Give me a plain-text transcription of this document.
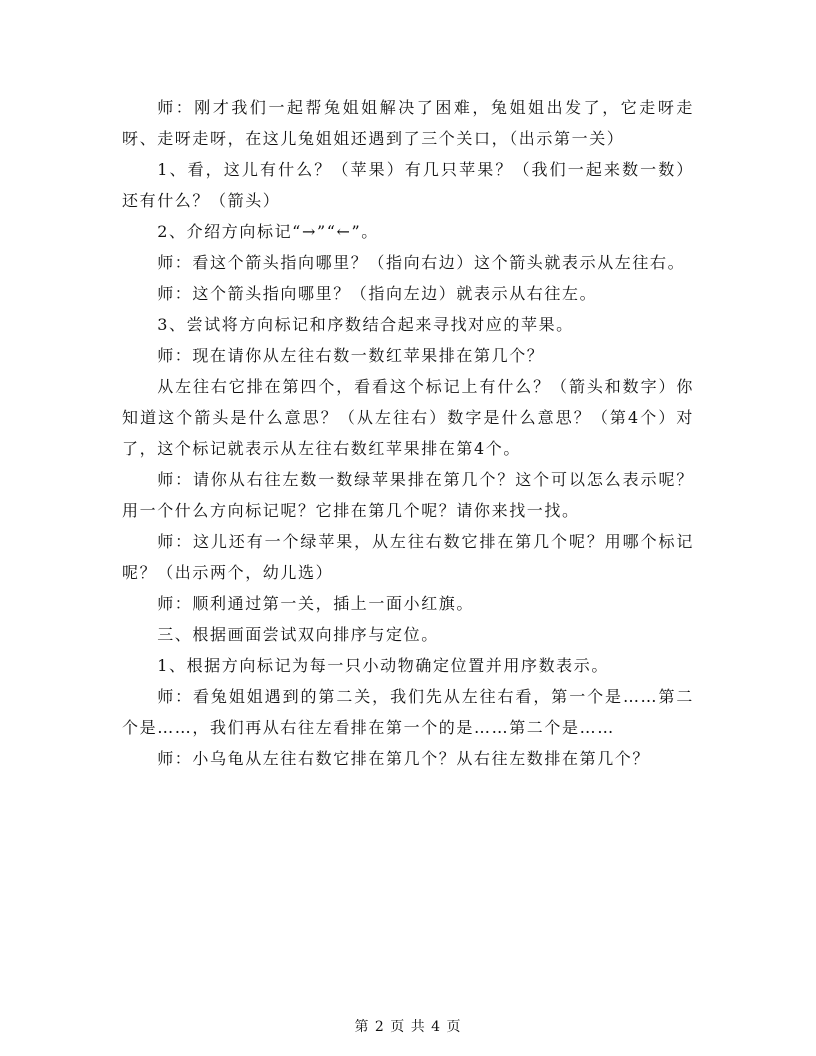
师：刚才我们一起帮兔姐姐解决了困难，兔姐姐出发了，它走呀走呀、走呀走呀，在这儿兔姐姐还遇到了三个关口，（出示第一关）

1、看，这儿有什么？（苹果）有几只苹果？（我们一起来数一数）还有什么？（箭头）

2、介绍方向标记“→”“←”。

师：看这个箭头指向哪里？（指向右边）这个箭头就表示从左往右。

师：这个箭头指向哪里？（指向左边）就表示从右往左。

3、尝试将方向标记和序数结合起来寻找对应的苹果。

师：现在请你从左往右数一数红苹果排在第几个？

从左往右它排在第四个，看看这个标记上有什么？（箭头和数字）你知道这个箭头是什么意思？（从左往右）数字是什么意思？（第4个）对了，这个标记就表示从左往右数红苹果排在第4个。

师：请你从右往左数一数绿苹果排在第几个？这个可以怎么表示呢？用一个什么方向标记呢？它排在第几个呢？请你来找一找。

师：这儿还有一个绿苹果，从左往右数它排在第几个呢？用哪个标记呢？（出示两个，幼儿选）

师：顺利通过第一关，插上一面小红旗。

三、根据画面尝试双向排序与定位。

1、根据方向标记为每一只小动物确定位置并用序数表示。

师：看兔姐姐遇到的第二关，我们先从左往右看，第一个是……第二个是……，我们再从右往左看排在第一个的是……第二个是……

师：小乌龟从左往右数它排在第几个？从右往左数排在第几个？

第 2 页 共 4 页
